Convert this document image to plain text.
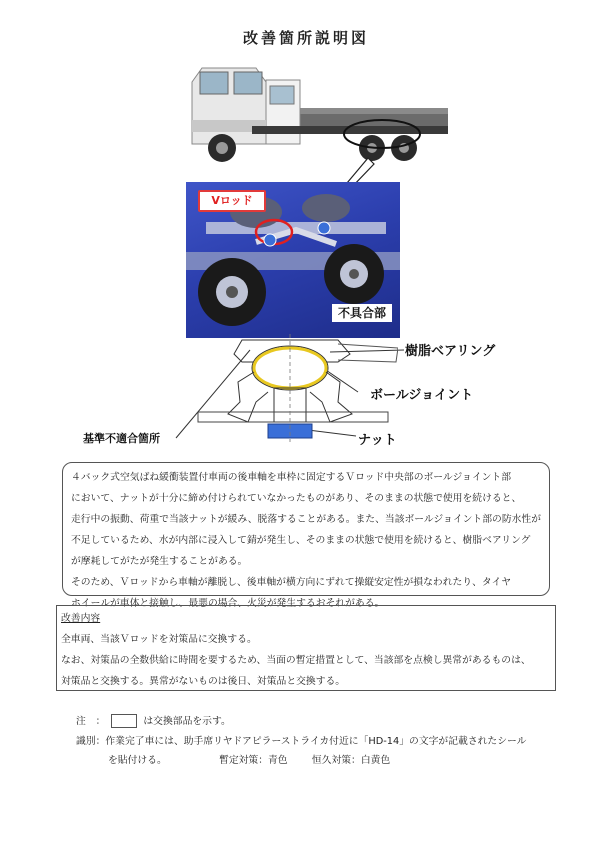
改善箇所説明図
Vロッド
不具合部
樹脂ベアリング
ボールジョイント
ナット
基準不適合箇所
４バック式空気ばね緩衝装置付車両の後車軸を車枠に固定するＶロッド中央部のボールジョイント部
において、ナットが十分に締め付けられていなかったものがあり、そのままの状態で使用を続けると、
走行中の振動、荷重で当該ナットが緩み、脱落することがある。また、当該ボールジョイント部の防水性が
不足しているため、水が内部に浸入して錆が発生し、そのままの状態で使用を続けると、樹脂ベアリング
が摩耗してがたが発生することがある。
そのため、Ｖロッドから車軸が離脱し、後車軸が横方向にずれて操縦安定性が損なわれたり、タイヤ
ホイールが車体と接触し、最悪の場合、火災が発生するおそれがある。
改善内容
全車両、当該Ｖロッドを対策品に交換する。
なお、対策品の全数供給に時間を要するため、当面の暫定措置として、当該部を点検し異常があるものは、
対策品と交換する。異常がないものは後日、対策品と交換する。
注　：	は交換部品を示す。
識別：作業完了車には、助手席リヤドアピラーストライカ付近に「HD-14」の文字が記載されたシール
を貼付ける。	暫定対策：青色 恒久対策：白黄色
